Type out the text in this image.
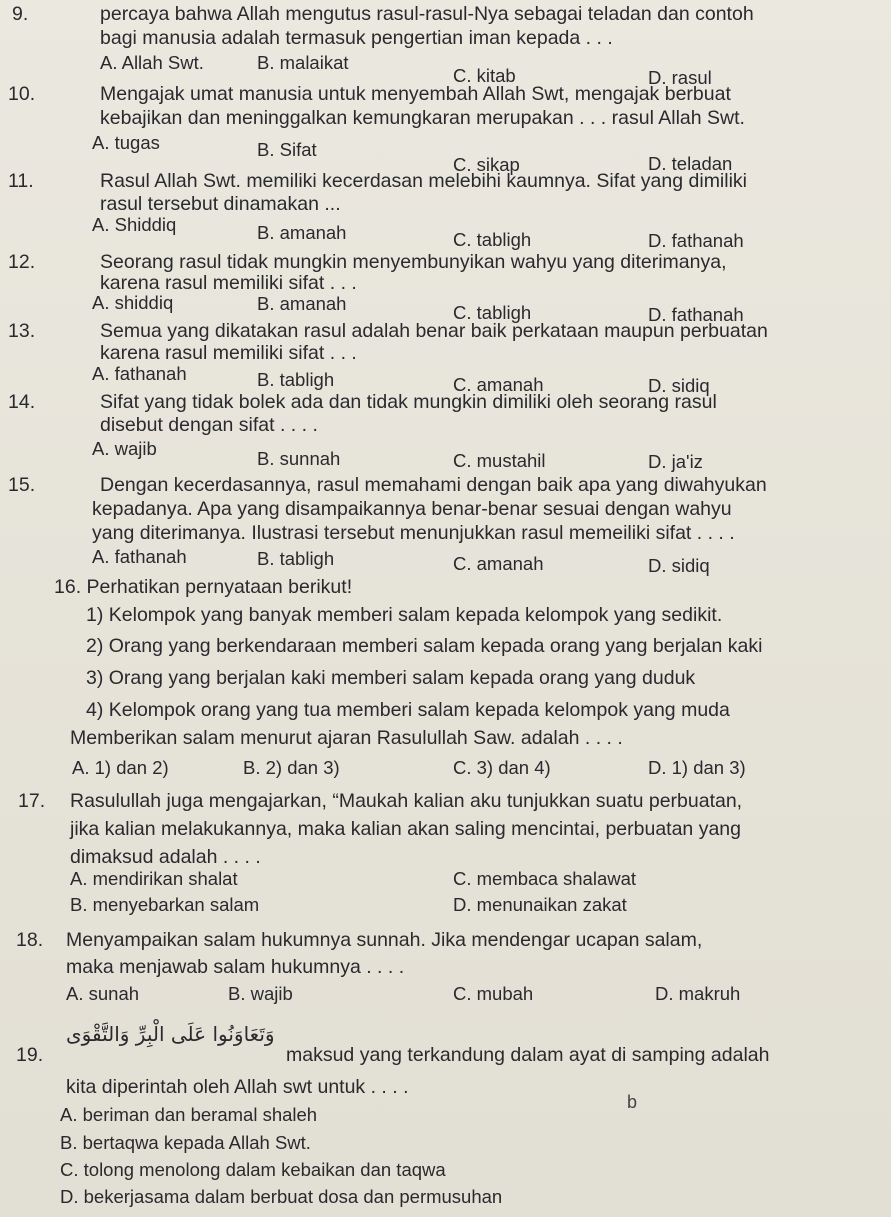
9.	percaya bahwa Allah mengutus rasul-rasul-Nya sebagai teladan dan contoh
bagi manusia adalah termasuk pengertian iman kepada . . .
A. Allah Swt.	B. malaikat
C. kitab	D. rasul
10.	Mengajak umat manusia untuk menyembah Allah Swt, mengajak berbuat
kebajikan dan meninggalkan kemungkaran merupakan . . . rasul Allah Swt.
A. tugas	B. Sifat
C. sikap	D. teladan
11.	Rasul Allah Swt. memiliki kecerdasan melebihi kaumnya. Sifat yang dimiliki
rasul tersebut dinamakan ...
A. Shiddiq	B. amanah	C. tabligh	D. fathanah
12.	Seorang rasul tidak mungkin menyembunyikan wahyu yang diterimanya,
karena rasul memiliki sifat . . .
A. shiddiq	B. amanah	C. tabligh	D. fathanah
13.	Semua yang dikatakan rasul adalah benar baik perkataan maupun perbuatan
karena rasul memiliki sifat . . .
A. fathanah	B. tabligh	C. amanah	D. sidiq
14.	Sifat yang tidak bolek ada dan tidak mungkin dimiliki oleh seorang rasul
disebut dengan sifat . . . .
A. wajib	B. sunnah	C. mustahil	D. ja'iz
15.	Dengan kecerdasannya, rasul memahami dengan baik apa yang diwahyukan
kepadanya. Apa yang disampaikannya benar-benar sesuai dengan wahyu
yang diterimanya. Ilustrasi tersebut menunjukkan rasul memeiliki sifat . . . .
A. fathanah	B. tabligh	C. amanah	D. sidiq
16. Perhatikan pernyataan berikut!
1) Kelompok yang banyak memberi salam kepada kelompok yang sedikit.
2) Orang yang berkendaraan memberi salam kepada orang yang berjalan kaki
3) Orang yang berjalan kaki memberi salam kepada orang yang duduk
4) Kelompok orang yang tua memberi salam kepada kelompok yang muda
Memberikan salam menurut ajaran Rasulullah Saw. adalah . . . .
A. 1) dan 2)	B. 2) dan 3)	C. 3) dan 4)	D. 1) dan 3)
17. Rasulullah juga mengajarkan, “Maukah kalian aku tunjukkan suatu perbuatan,
jika kalian melakukannya, maka kalian akan saling mencintai, perbuatan yang
dimaksud adalah . . . .
A. mendirikan shalat	C. membaca shalawat
B. menyebarkan salam	D. menunaikan zakat
18. Menyampaikan salam hukumnya sunnah. Jika mendengar ucapan salam,
maka menjawab salam hukumnya . . . .
A. sunah	B. wajib	C. mubah	D. makruh
19.
وَتَعَاوَنُوا عَلَى الْبِرِّ وَالتَّقْوَى
maksud yang terkandung dalam ayat di samping adalah
kita diperintah oleh Allah swt untuk . . . .
b
A. beriman dan beramal shaleh
B. bertaqwa kepada Allah Swt.
C. tolong menolong dalam kebaikan dan taqwa
D. bekerjasama dalam berbuat dosa dan permusuhan
